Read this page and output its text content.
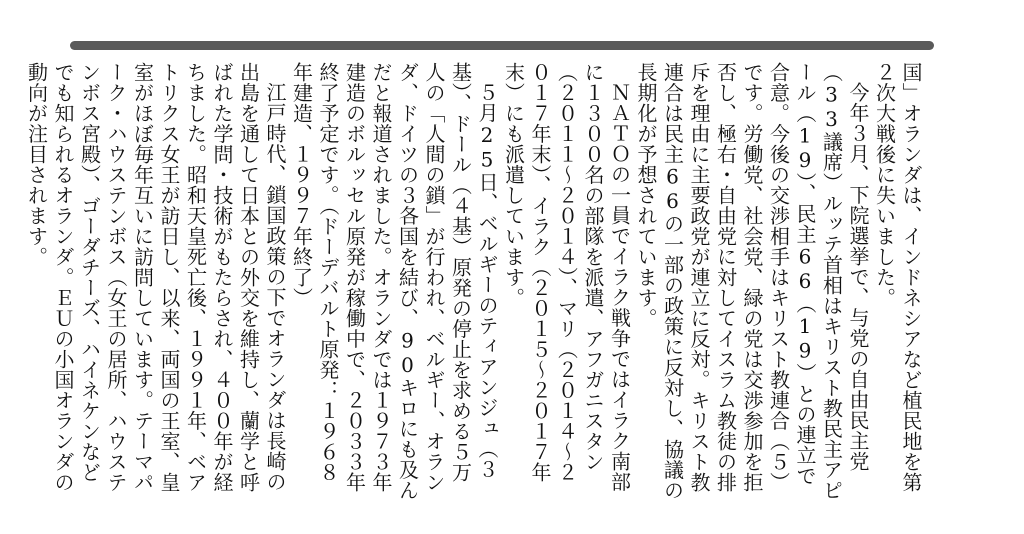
国」オランダは、インドネシアなど植民地を第２次大戦後に失いました。

今年３月、下院選挙で、与党の自由民主党（33議席）ルッテ首相はキリスト教民主アピール（19）、民主66（19）との連立で合意。今後の交渉相手はキリスト教連合（５）です。労働党、社会党、緑の党は交渉参加を拒否し、極右・自由党に対してイスラム教徒の排斥を理由に主要政党が連立に反対。キリスト教連合は民主66の一部の政策に反対し、協議の長期化が予想されています。

ＮＡＴＯの一員でイラク戦争ではイラク南部に１３００名の部隊を派遣、アフガニスタン（２０１１〜２０１４）、マリ（２０１４〜２０１７年末）、イラク（２０１５〜２０１７年末）にも派遣しています。

５月25日、ベルギーのティアンジュ（３基）、ドール（４基）原発の停止を求める５万人の「人間の鎖」が行われ、ベルギー、オランダ、ドイツの３各国を結び、90キロにも及んだと報道されました。オランダでは１９７３年建造のボルッセル原発が稼働中で、２０３３年終了予定です。（ドーデバルト原発：１９６８年建造、１９９７年終了）

江戸時代、鎖国政策の下でオランダは長崎の出島を通して日本との外交を維持し、蘭学と呼ばれた学問・技術がもたらされ、４００年が経ちました。昭和天皇死亡後、１９９１年、ベアトリクス女王が訪日し、以来、両国の王室、皇室がほぼ毎年互いに訪問しています。テーマパーク・ハウステンボス（女王の居所、ハウステンボス宮殿）、ゴーダチーズ、ハイネケンなどでも知られるオランダ。ＥＵの小国オランダの動向が注目されます。
